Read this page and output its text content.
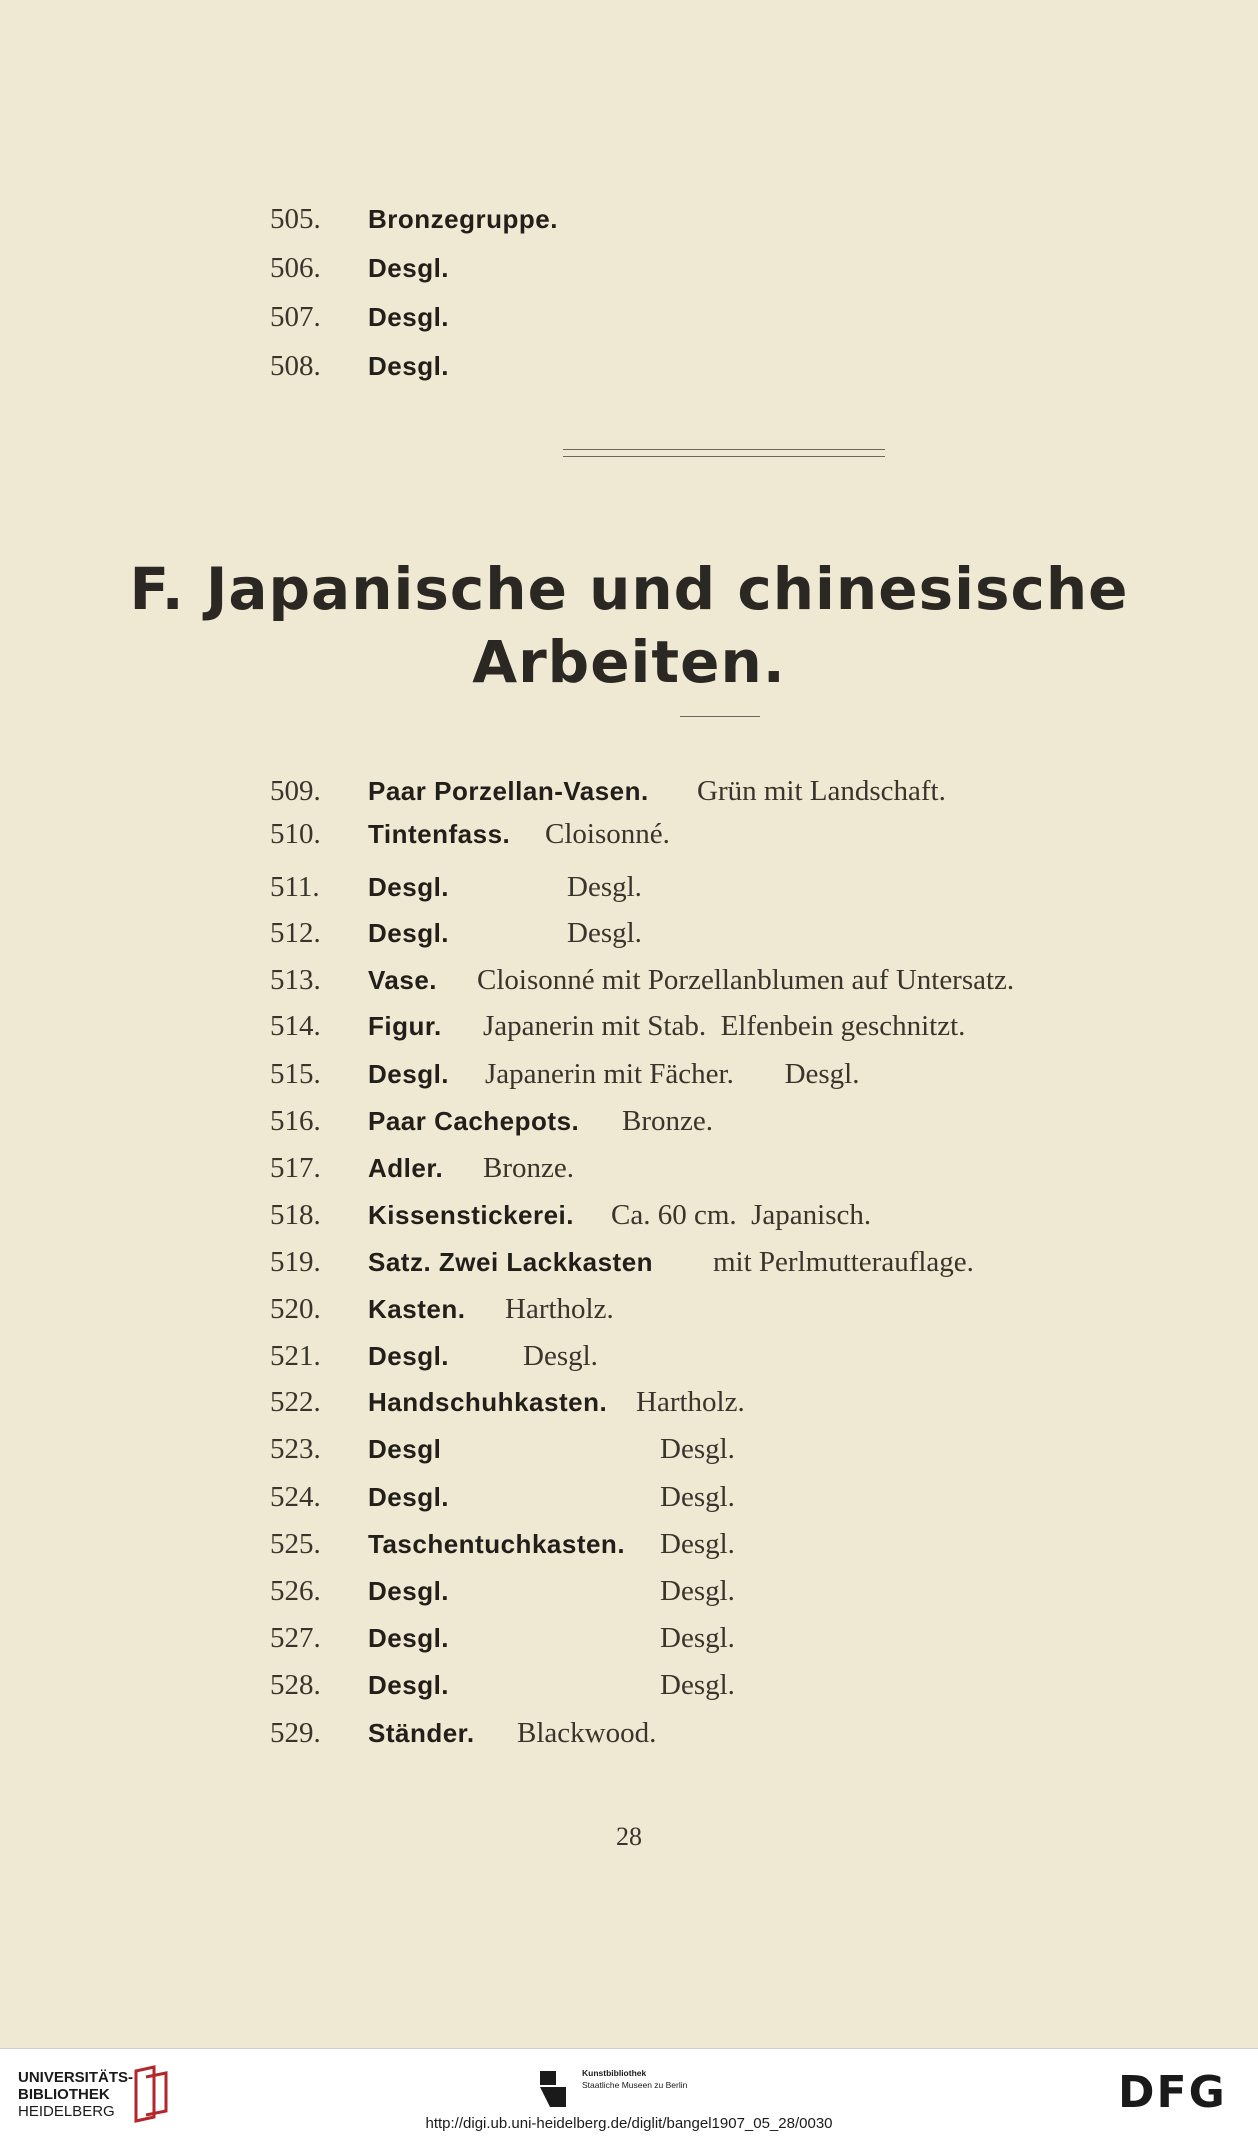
505.	Bronzegruppe.
506.	Desgl.
507.	Desgl.
508.	Desgl.
F. Japanische und chinesische
Arbeiten.
509.	Paar Porzellan-Vasen. Grün mit Landschaft.
510.	Tintenfass. Cloisonné.
511.	Desgl.	Desgl.
512.	Desgl.	Desgl.
513.	Vase. Cloisonné mit Porzellanblumen auf Untersatz.
514.	Figur. Japanerin mit Stab.  Elfenbein geschnitzt.
515.	Desgl. Japanerin mit Fächer.       Desgl.
516.	Paar Cachepots. Bronze.
517.	Adler. Bronze.
518.	Kissenstickerei. Ca. 60 cm.  Japanisch.
519.	Satz. Zwei Lackkasten mit Perlmutterauflage.
520.	Kasten. Hartholz.
521.	Desgl.	Desgl.
522.	Handschuhkasten. Hartholz.
523.	Desgl	Desgl.
524.	Desgl.	Desgl.
525.	Taschentuchkasten. Desgl.
526.	Desgl.	Desgl.
527.	Desgl.	Desgl.
528.	Desgl.	Desgl.
529.	Ständer. Blackwood.
28
UNIVERSITÄTS-
BIBLIOTHEK
HEIDELBERG
Kunstbibliothek
Staatliche Museen zu Berlin
http://digi.ub.uni-heidelberg.de/diglit/bangel1907_05_28/0030
DFG
